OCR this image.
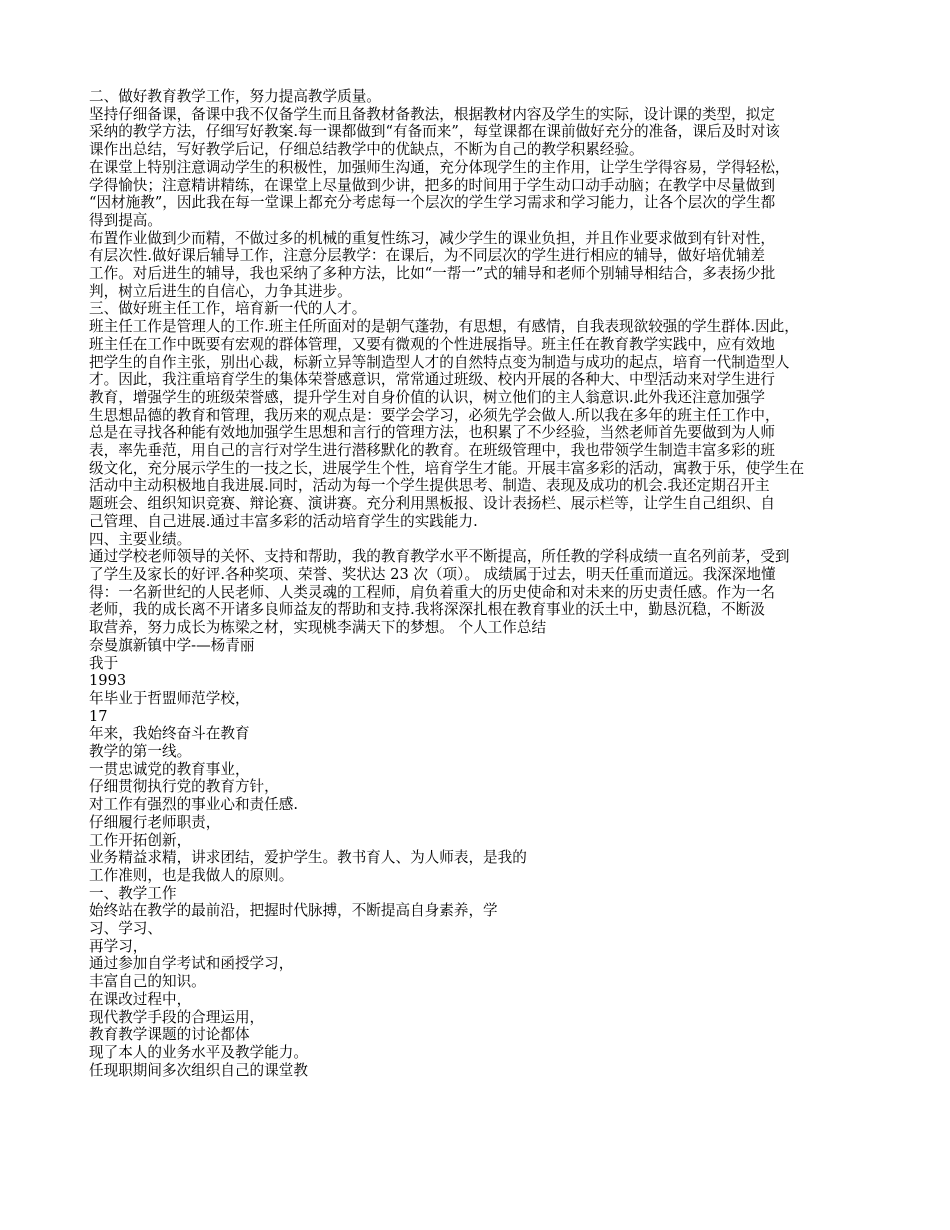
二、做好教育教学工作，努力提高教学质量。
坚持仔细备课，备课中我不仅备学生而且备教材备教法，根据教材内容及学生的实际，设计课的类型，拟定
采纳的教学方法，仔细写好教案.每一课都做到“有备而来”，每堂课都在课前做好充分的准备，课后及时对该
课作出总结，写好教学后记，仔细总结教学中的优缺点，不断为自己的教学积累经验。
在课堂上特别注意调动学生的积极性，加强师生沟通，充分体现学生的主作用，让学生学得容易，学得轻松，
学得愉快；注意精讲精练，在课堂上尽量做到少讲，把多的时间用于学生动口动手动脑；在教学中尽量做到
“因材施教”，因此我在每一堂课上都充分考虑每一个层次的学生学习需求和学习能力，让各个层次的学生都
得到提高。
布置作业做到少而精，不做过多的机械的重复性练习，减少学生的课业负担，并且作业要求做到有针对性，
有层次性.做好课后辅导工作，注意分层教学：在课后，为不同层次的学生进行相应的辅导，做好培优辅差
工作。对后进生的辅导，我也采纳了多种方法，比如“一帮一”式的辅导和老师个别辅导相结合，多表扬少批
判，树立后进生的自信心，力争其进步。
三、做好班主任工作，培育新一代的人才。
班主任工作是管理人的工作.班主任所面对的是朝气蓬勃，有思想，有感情，自我表现欲较强的学生群体.因此，
班主任在工作中既要有宏观的群体管理，又要有微观的个性进展指导。班主任在教育教学实践中，应有效地
把学生的自作主张，别出心裁，标新立异等制造型人才的自然特点变为制造与成功的起点，培育一代制造型人
才。因此，我注重培育学生的集体荣誉感意识，常常通过班级、校内开展的各种大、中型活动来对学生进行
教育，增强学生的班级荣誉感，提升学生对自身价值的认识，树立他们的主人翁意识.此外我还注意加强学
生思想品德的教育和管理，我历来的观点是：要学会学习，必须先学会做人.所以我在多年的班主任工作中，
总是在寻找各种能有效地加强学生思想和言行的管理方法，也积累了不少经验，当然老师首先要做到为人师
表，率先垂范，用自己的言行对学生进行潜移默化的教育。在班级管理中，我也带领学生制造丰富多彩的班
级文化，充分展示学生的一技之长，进展学生个性，培育学生才能。开展丰富多彩的活动，寓教于乐，使学生在
活动中主动积极地自我进展.同时，活动为每一个学生提供思考、制造、表现及成功的机会.我还定期召开主
题班会、组织知识竞赛、辩论赛、演讲赛。充分利用黑板报、设计表扬栏、展示栏等，让学生自己组织、自
己管理、自己进展.通过丰富多彩的活动培育学生的实践能力.
四、主要业绩。
通过学校老师领导的关怀、支持和帮助，我的教育教学水平不断提高，所任教的学科成绩一直名列前茅，受到
了学生及家长的好评.各种奖项、荣誉、奖状达 23 次（项）。 成绩属于过去，明天任重而道远。我深深地懂
得：一名新世纪的人民老师、人类灵魂的工程师，肩负着重大的历史使命和对未来的历史责任感。作为一名
老师，我的成长离不开诸多良师益友的帮助和支持.我将深深扎根在教育事业的沃土中，勤恳沉稳，不断汲
取营养，努力成长为栋梁之材，实现桃李满天下的梦想。 个人工作总结
奈曼旗新镇中学-—杨青丽
我于
1993
年毕业于哲盟师范学校，
17
年来，我始终奋斗在教育
教学的第一线。
一贯忠诚党的教育事业，
仔细贯彻执行党的教育方针，
对工作有强烈的事业心和责任感.
仔细履行老师职责，
工作开拓创新，
业务精益求精，讲求团结，爱护学生。教书育人、为人师表，是我的
工作准则，也是我做人的原则。
一、教学工作
始终站在教学的最前沿，把握时代脉搏，不断提高自身素养，学
习、学习、
再学习，
通过参加自学考试和函授学习，
丰富自己的知识。
在课改过程中，
现代教学手段的合理运用，
教育教学课题的讨论都体
现了本人的业务水平及教学能力。
任现职期间多次组织自己的课堂教
